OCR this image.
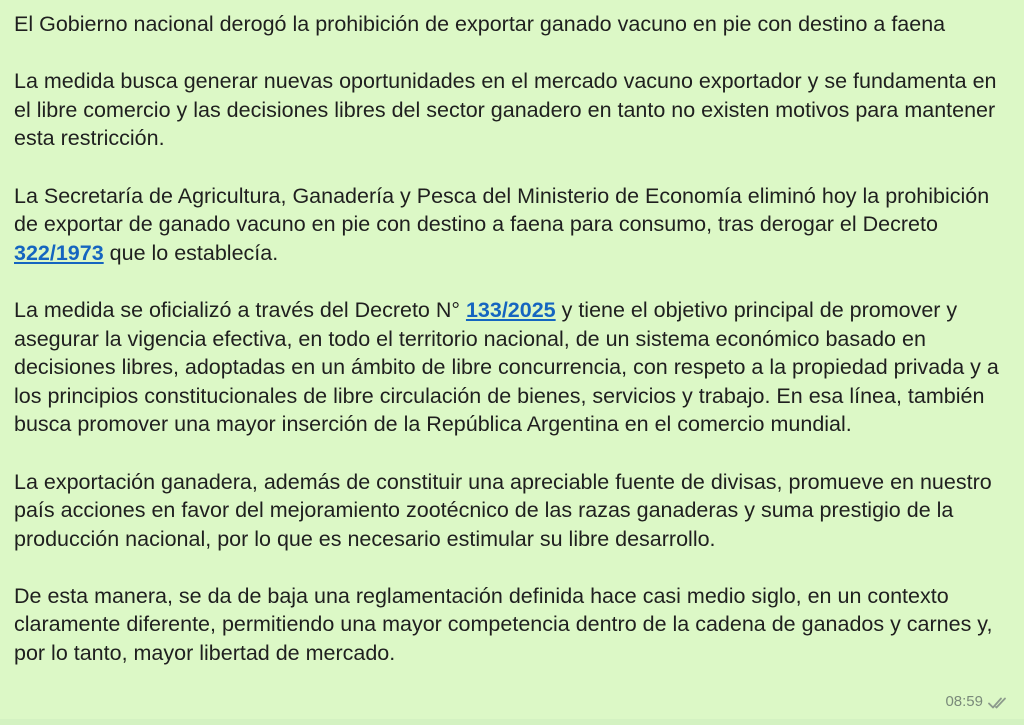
El Gobierno nacional derogó la prohibición de exportar ganado vacuno en pie con destino a faena

La medida busca generar nuevas oportunidades en el mercado vacuno exportador y se fundamenta en el libre comercio y las decisiones libres del sector ganadero en tanto no existen motivos para mantener esta restricción.

La Secretaría de Agricultura, Ganadería y Pesca del Ministerio de Economía eliminó hoy la prohibición de exportar de ganado vacuno en pie con destino a faena para consumo, tras derogar el Decreto 322/1973 que lo establecía.

La medida se oficializó a través del Decreto N° 133/2025 y tiene el objetivo principal de promover y asegurar la vigencia efectiva, en todo el territorio nacional, de un sistema económico basado en decisiones libres, adoptadas en un ámbito de libre concurrencia, con respeto a la propiedad privada y a los principios constitucionales de libre circulación de bienes, servicios y trabajo. En esa línea, también busca promover una mayor inserción de la República Argentina en el comercio mundial.

La exportación ganadera, además de constituir una apreciable fuente de divisas, promueve en nuestro país acciones en favor del mejoramiento zootécnico de las razas ganaderas y suma prestigio de la producción nacional, por lo que es necesario estimular su libre desarrollo.

De esta manera, se da de baja una reglamentación definida hace casi medio siglo, en un contexto claramente diferente, permitiendo una mayor competencia dentro de la cadena de ganados y carnes y, por lo tanto, mayor libertad de mercado.

08:59
